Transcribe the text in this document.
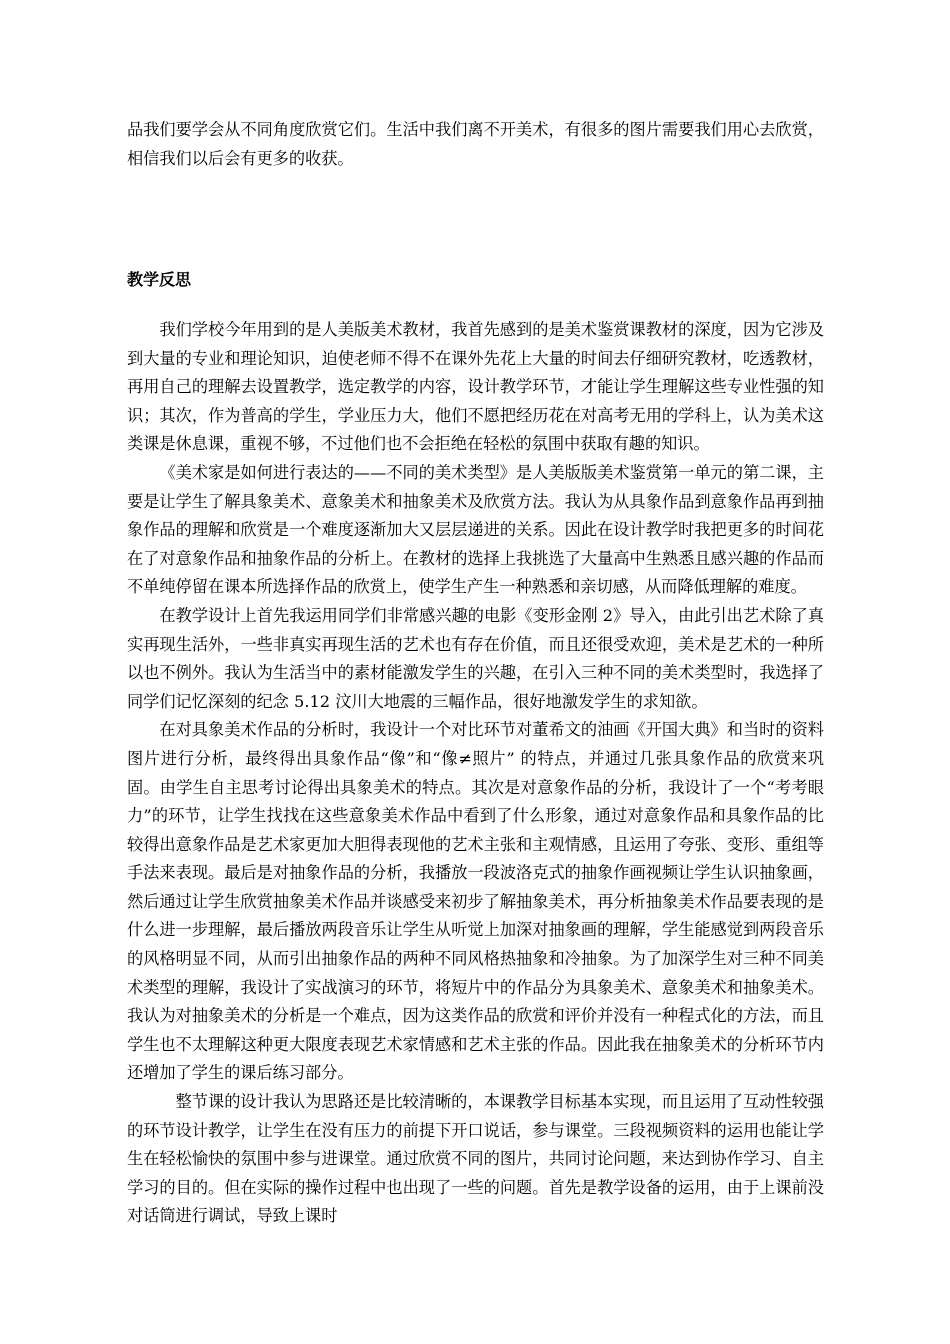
品我们要学会从不同角度欣赏它们。生活中我们离不开美术，有很多的图片需要我们用心去欣赏，相信我们以后会有更多的收获。

教学反思

我们学校今年用到的是人美版美术教材，我首先感到的是美术鉴赏课教材的深度，因为它涉及到大量的专业和理论知识，迫使老师不得不在课外先花上大量的时间去仔细研究教材，吃透教材，再用自己的理解去设置教学，选定教学的内容，设计教学环节，才能让学生理解这些专业性强的知识；其次，作为普高的学生，学业压力大，他们不愿把经历花在对高考无用的学科上，认为美术这类课是休息课，重视不够，不过他们也不会拒绝在轻松的氛围中获取有趣的知识。

《美术家是如何进行表达的——不同的美术类型》是人美版版美术鉴赏第一单元的第二课，主要是让学生了解具象美术、意象美术和抽象美术及欣赏方法。我认为从具象作品到意象作品再到抽象作品的理解和欣赏是一个难度逐渐加大又层层递进的关系。因此在设计教学时我把更多的时间花在了对意象作品和抽象作品的分析上。在教材的选择上我挑选了大量高中生熟悉且感兴趣的作品而不单纯停留在课本所选择作品的欣赏上，使学生产生一种熟悉和亲切感，从而降低理解的难度。

在教学设计上首先我运用同学们非常感兴趣的电影《变形金刚 2》导入，由此引出艺术除了真实再现生活外，一些非真实再现生活的艺术也有存在价值，而且还很受欢迎，美术是艺术的一种所以也不例外。我认为生活当中的素材能激发学生的兴趣，在引入三种不同的美术类型时，我选择了同学们记忆深刻的纪念 5.12 汶川大地震的三幅作品，很好地激发学生的求知欲。

在对具象美术作品的分析时，我设计一个对比环节对董希文的油画《开国大典》和当时的资料图片进行分析，最终得出具象作品“像”和“像≠照片” 的特点，并通过几张具象作品的欣赏来巩固。由学生自主思考讨论得出具象美术的特点。其次是对意象作品的分析，我设计了一个“考考眼力”的环节，让学生找找在这些意象美术作品中看到了什么形象，通过对意象作品和具象作品的比较得出意象作品是艺术家更加大胆得表现他的艺术主张和主观情感，且运用了夸张、变形、重组等手法来表现。最后是对抽象作品的分析，我播放一段波洛克式的抽象作画视频让学生认识抽象画，然后通过让学生欣赏抽象美术作品并谈感受来初步了解抽象美术，再分析抽象美术作品要表现的是什么进一步理解，最后播放两段音乐让学生从听觉上加深对抽象画的理解，学生能感觉到两段音乐的风格明显不同，从而引出抽象作品的两种不同风格热抽象和冷抽象。为了加深学生对三种不同美术类型的理解，我设计了实战演习的环节，将短片中的作品分为具象美术、意象美术和抽象美术。我认为对抽象美术的分析是一个难点，因为这类作品的欣赏和评价并没有一种程式化的方法，而且学生也不太理解这种更大限度表现艺术家情感和艺术主张的作品。因此我在抽象美术的分析环节内还增加了学生的课后练习部分。

整节课的设计我认为思路还是比较清晰的，本课教学目标基本实现，而且运用了互动性较强的环节设计教学，让学生在没有压力的前提下开口说话，参与课堂。三段视频资料的运用也能让学生在轻松愉快的氛围中参与进课堂。通过欣赏不同的图片，共同讨论问题，来达到协作学习、自主学习的目的。但在实际的操作过程中也出现了一些的问题。首先是教学设备的运用，由于上课前没对话筒进行调试，导致上课时
